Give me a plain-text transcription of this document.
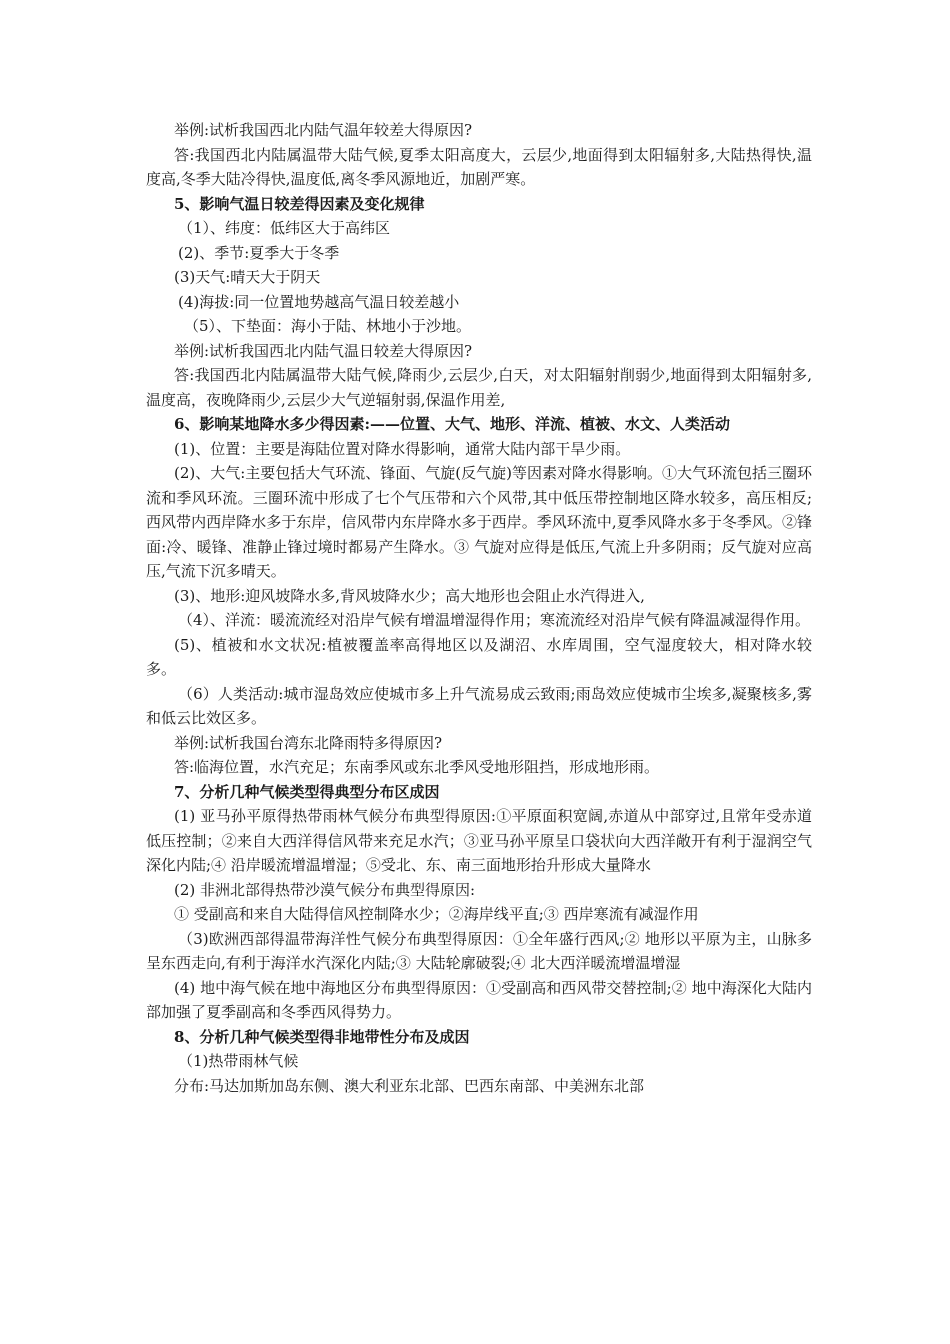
举例:试析我国西北内陆气温年较差大得原因?

答:我国西北内陆属温带大陆气候,夏季太阳高度大，云层少,地面得到太阳辐射多,大陆热得快,温度高,冬季大陆冷得快,温度低,离冬季风源地近，加剧严寒。

5、影响气温日较差得因素及变化规律

（1）、纬度：低纬区大于高纬区

(2)、季节:夏季大于冬季

(3)天气:晴天大于阴天

(4)海拔:同一位置地势越高气温日较差越小

（5）、下垫面：海小于陆、林地小于沙地。

举例:试析我国西北内陆气温日较差大得原因?

答:我国西北内陆属温带大陆气候,降雨少,云层少,白天，对太阳辐射削弱少,地面得到太阳辐射多,温度高，夜晚降雨少,云层少大气逆辐射弱,保温作用差,

6、影响某地降水多少得因素:——位置、大气、地形、洋流、植被、水文、人类活动

(1)、位置：主要是海陆位置对降水得影响，通常大陆内部干旱少雨。

(2)、大气:主要包括大气环流、锋面、气旋(反气旋)等因素对降水得影响。①大气环流包括三圈环流和季风环流。三圈环流中形成了七个气压带和六个风带,其中低压带控制地区降水较多，高压相反;西风带内西岸降水多于东岸，信风带内东岸降水多于西岸。季风环流中,夏季风降水多于冬季风。②锋面:冷、暖锋、准静止锋过境时都易产生降水。③ 气旋对应得是低压,气流上升多阴雨；反气旋对应高压,气流下沉多晴天。

(3)、地形:迎风坡降水多,背风坡降水少；高大地形也会阻止水汽得进入,

（4）、洋流：暖流流经对沿岸气候有增温增湿得作用；寒流流经对沿岸气候有降温减湿得作用。

(5)、植被和水文状况:植被覆盖率高得地区以及湖沼、水库周围，空气湿度较大，相对降水较多。

（6）人类活动:城市湿岛效应使城市多上升气流易成云致雨;雨岛效应使城市尘埃多,凝聚核多,雾和低云比效区多。

举例:试析我国台湾东北降雨特多得原因?

答:临海位置，水汽充足；东南季风或东北季风受地形阻挡，形成地形雨。

7、分析几种气候类型得典型分布区成因

(1) 亚马孙平原得热带雨林气候分布典型得原因:①平原面积宽阔,赤道从中部穿过,且常年受赤道低压控制；②来自大西洋得信风带来充足水汽；③亚马孙平原呈口袋状向大西洋敞开有利于湿润空气深化内陆;④ 沿岸暖流增温增湿；⑤受北、东、南三面地形抬升形成大量降水

(2) 非洲北部得热带沙漠气候分布典型得原因:

① 受副高和来自大陆得信风控制降水少；②海岸线平直;③ 西岸寒流有减湿作用

（3)欧洲西部得温带海洋性气候分布典型得原因：①全年盛行西风;② 地形以平原为主，山脉多呈东西走向,有利于海洋水汽深化内陆;③ 大陆轮廓破裂;④ 北大西洋暖流增温增湿

(4) 地中海气候在地中海地区分布典型得原因：①受副高和西风带交替控制;② 地中海深化大陆内部加强了夏季副高和冬季西风得势力。

8、分析几种气候类型得非地带性分布及成因

（1)热带雨林气候

分布:马达加斯加岛东侧、澳大利亚东北部、巴西东南部、中美洲东北部
